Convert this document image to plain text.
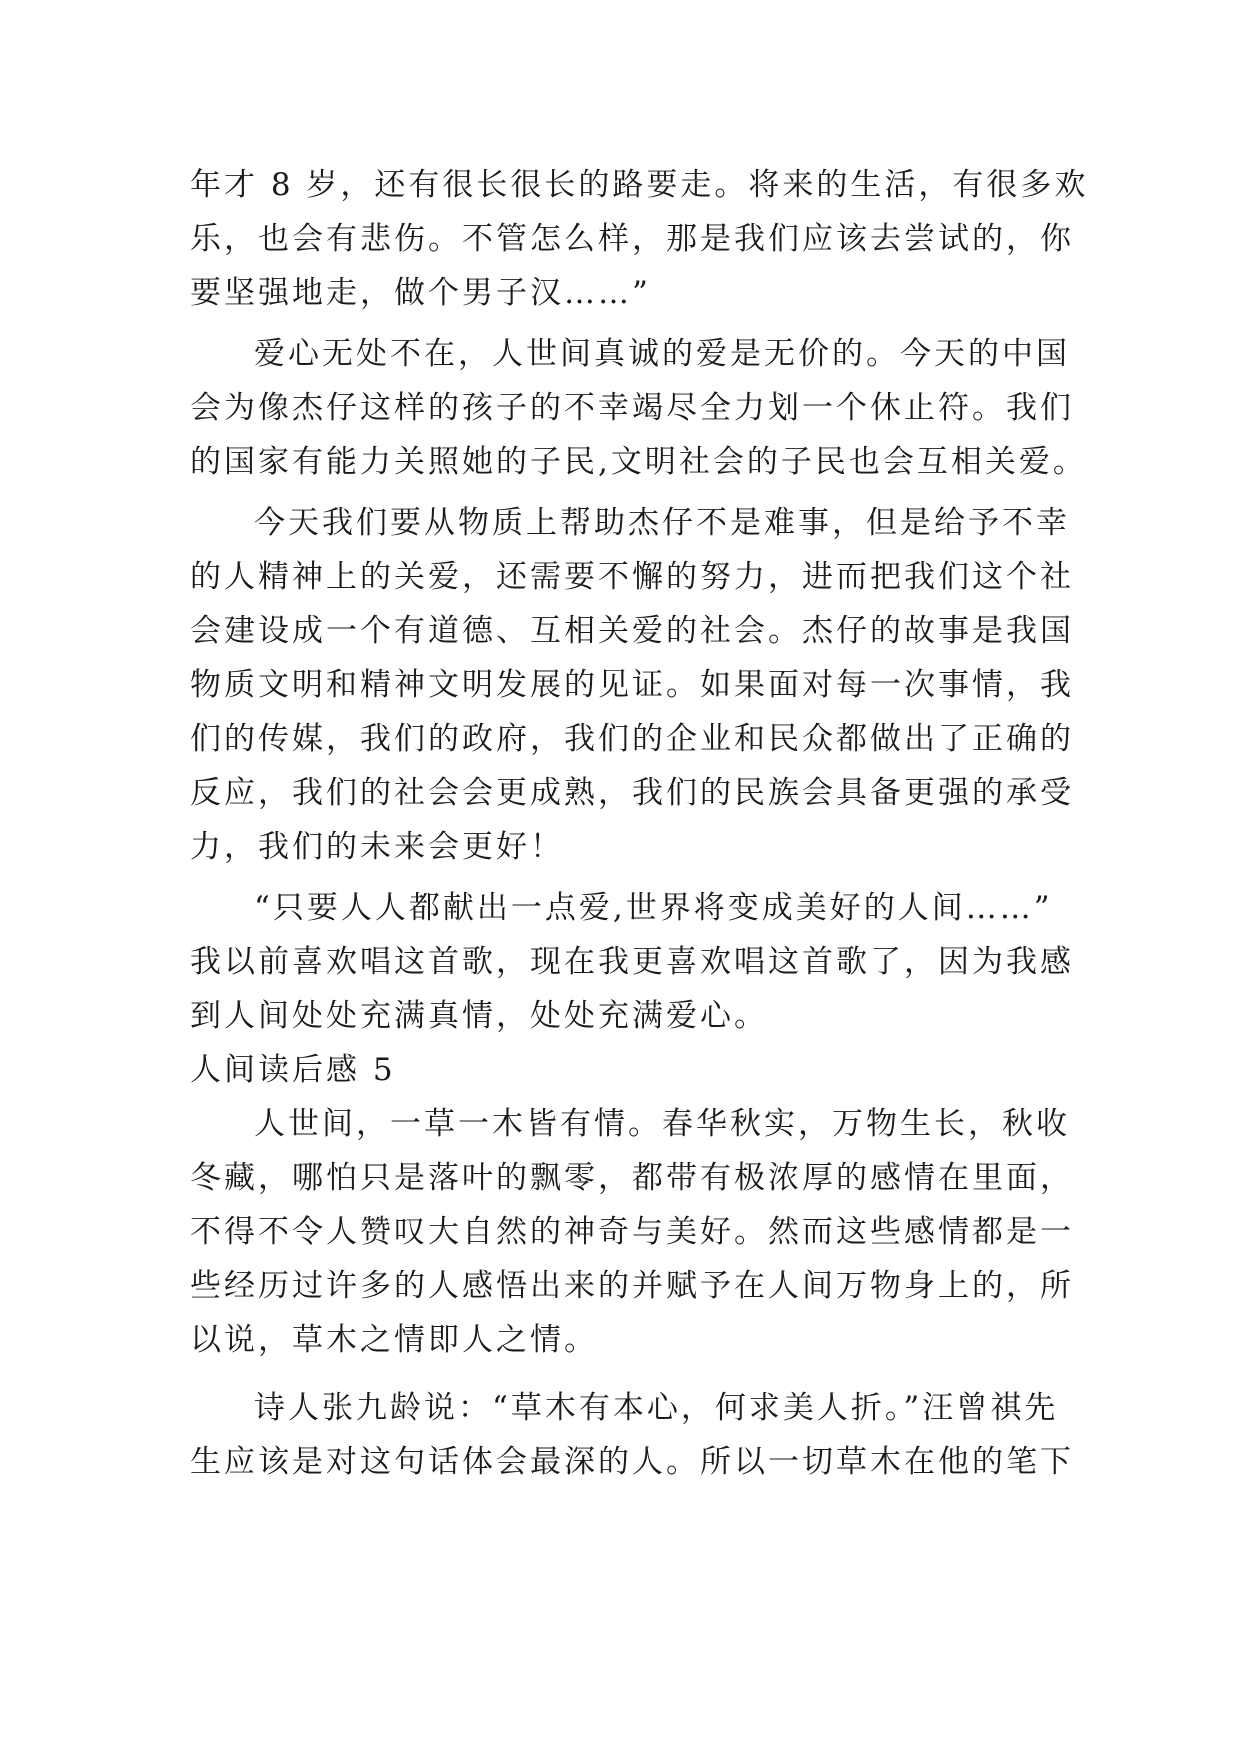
年才 8 岁，还有很长很长的路要走。将来的生活，有很多欢
乐，也会有悲伤。不管怎么样，那是我们应该去尝试的，你
要坚强地走，做个男子汉……”

爱心无处不在，人世间真诚的爱是无价的。今天的中国
会为像杰仔这样的孩子的不幸竭尽全力划一个休止符。我们
的国家有能力关照她的子民,文明社会的子民也会互相关爱。

今天我们要从物质上帮助杰仔不是难事，但是给予不幸
的人精神上的关爱，还需要不懈的努力，进而把我们这个社
会建设成一个有道德、互相关爱的社会。杰仔的故事是我国
物质文明和精神文明发展的见证。如果面对每一次事情，我
们的传媒，我们的政府，我们的企业和民众都做出了正确的
反应，我们的社会会更成熟，我们的民族会具备更强的承受
力，我们的未来会更好！

“只要人人都献出一点爱,世界将变成美好的人间……”
我以前喜欢唱这首歌，现在我更喜欢唱这首歌了，因为我感
到人间处处充满真情，处处充满爱心。

人间读后感 5

人世间，一草一木皆有情。春华秋实，万物生长，秋收
冬藏，哪怕只是落叶的飘零，都带有极浓厚的感情在里面，
不得不令人赞叹大自然的神奇与美好。然而这些感情都是一
些经历过许多的人感悟出来的并赋予在人间万物身上的，所
以说，草木之情即人之情。

诗人张九龄说：“草木有本心，何求美人折。”汪曾祺先
生应该是对这句话体会最深的人。所以一切草木在他的笔下
